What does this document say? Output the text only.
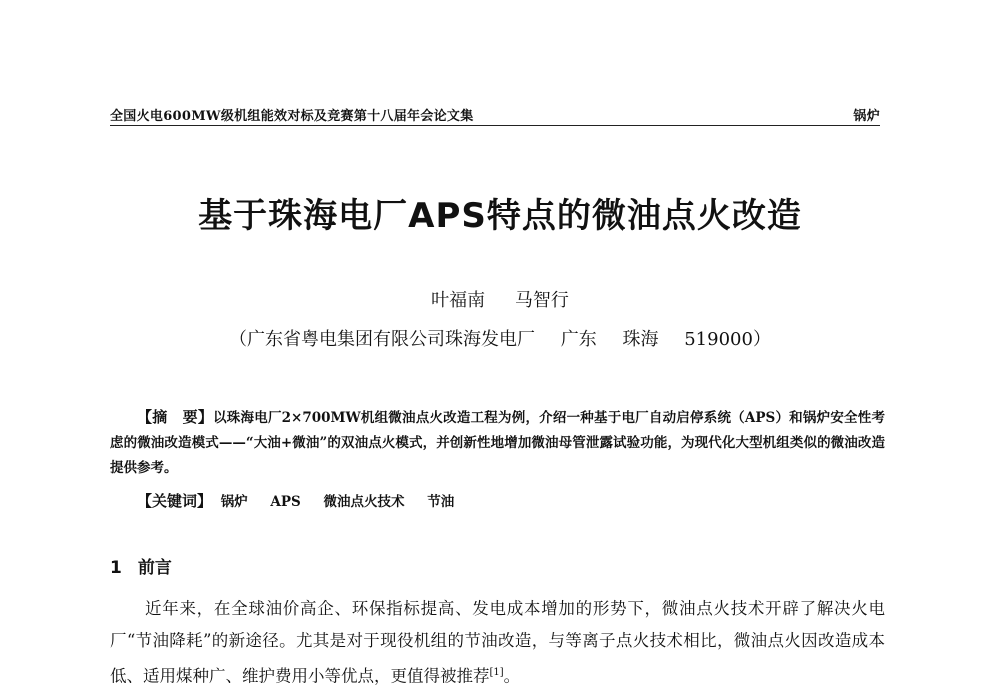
全国火电600MW级机组能效对标及竞赛第十八届年会论文集	锅炉
基于珠海电厂APS特点的微油点火改造
叶福南 马智行
（广东省粤电集团有限公司珠海发电厂 广东 珠海 519000）
【摘　要】以珠海电厂2×700MW机组微油点火改造工程为例，介绍一种基于电厂自动启停系统（APS）和锅炉安全性考虑的微油改造模式——“大油+微油”的双油点火模式，并创新性地增加微油母管泄露试验功能，为现代化大型机组类似的微油改造提供参考。
【关键词】 锅炉 APS 微油点火技术 节油
1 前言
近年来，在全球油价高企、环保指标提高、发电成本增加的形势下，微油点火技术开辟了解决火电厂“节油降耗”的新途径。尤其是对于现役机组的节油改造，与等离子点火技术相比，微油点火因改造成本低、适用煤种广、维护费用小等优点，更值得被推荐[1]。
